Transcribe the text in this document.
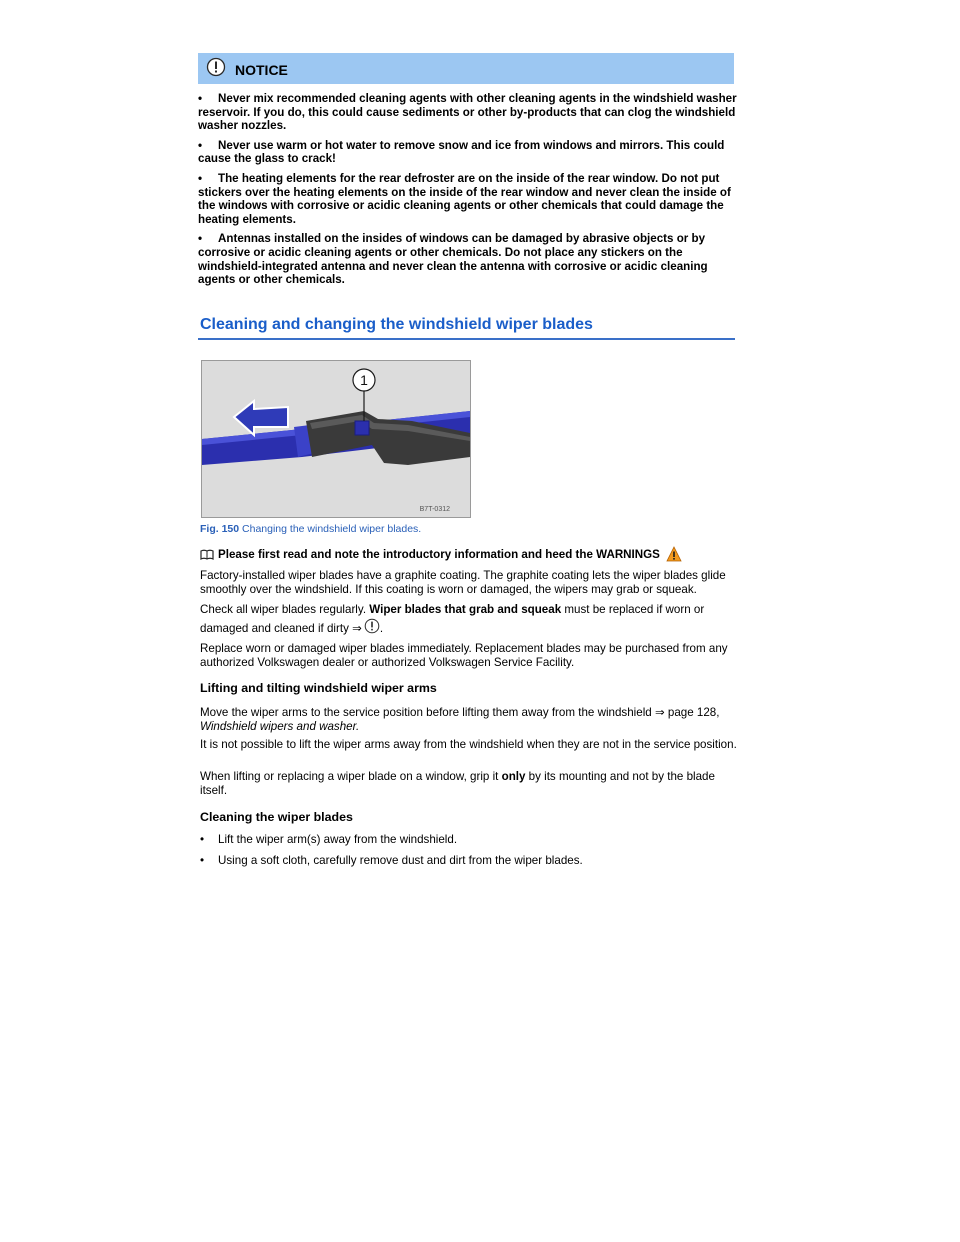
NOTICE
• Never mix recommended cleaning agents with other cleaning agents in the windshield washer reservoir. If you do, this could cause sediments or other by-products that can clog the windshield washer nozzles.
• Never use warm or hot water to remove snow and ice from windows and mirrors. This could cause the glass to crack!
• The heating elements for the rear defroster are on the inside of the rear window. Do not put stickers over the heating elements on the inside of the rear window and never clean the inside of the windows with corrosive or acidic cleaning agents or other chemicals that could damage the heating elements.
• Antennas installed on the insides of windows can be damaged by abrasive objects or by corrosive or acidic cleaning agents or other chemicals. Do not place any stickers on the windshield-integrated antenna and never clean the antenna with corrosive or acidic cleaning agents or other chemicals.
Cleaning and changing the windshield wiper blades
1
B7T-0312
Fig. 150 Changing the windshield wiper blades.

Please first read and note the introductory information and heed the WARNINGS

Factory-installed wiper blades have a graphite coating. The graphite coating lets the wiper blades glide smoothly over the windshield. If this coating is worn or damaged, the wipers may grab or squeak.

Check all wiper blades regularly. Wiper blades that grab and squeak must be replaced if worn or damaged and cleaned if dirty ⇒ .

Replace worn or damaged wiper blades immediately. Replacement blades may be purchased from any authorized Volkswagen dealer or authorized Volkswagen Service Facility.

Lifting and tilting windshield wiper arms

Move the wiper arms to the service position before lifting them away from the windshield ⇒ page 128, Windshield wipers and washer.

It is not possible to lift the wiper arms away from the windshield when they are not in the service position.

When lifting or replacing a wiper blade on a window, grip it only by its mounting and not by the blade itself.

Cleaning the wiper blades
• Lift the wiper arm(s) away from the windshield.
• Using a soft cloth, carefully remove dust and dirt from the wiper blades.
